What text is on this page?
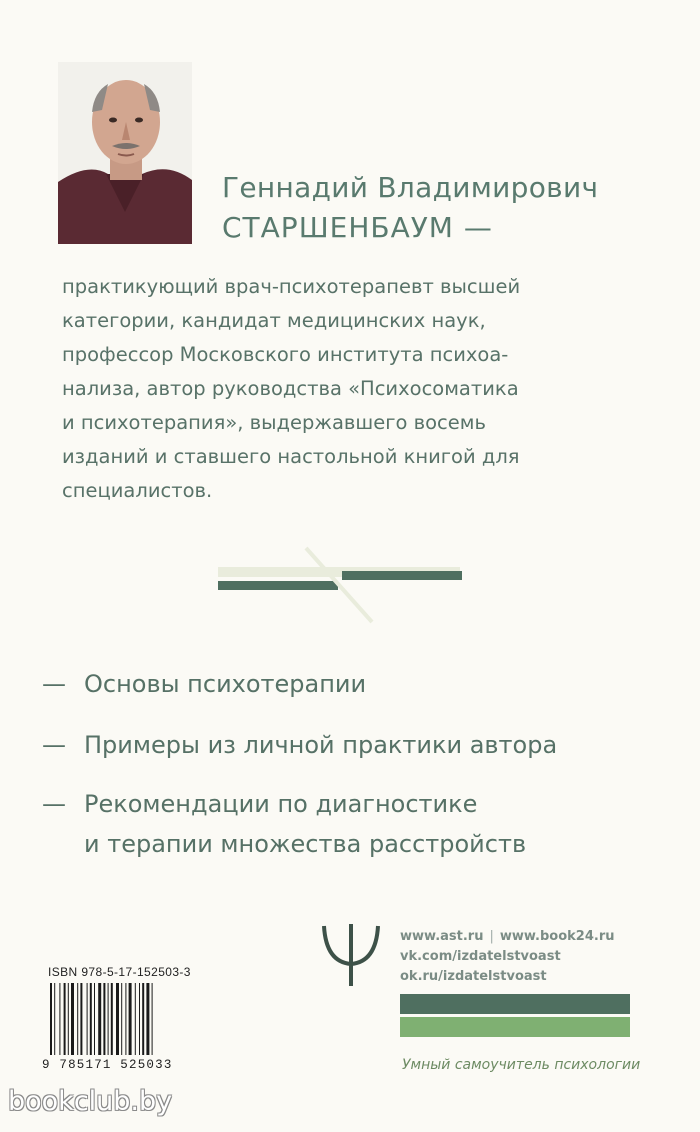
Геннадий Владимирович
СТАРШЕНБАУМ —
практикующий врач-психотерапевт высшей
категории, кандидат медицинских наук,
профессор Московского института психоа-
нализа, автор руководства «Психосоматика
и психотерапия», выдержавшего восемь
изданий и ставшего настольной книгой для
специалистов.
— Основы психотерапии
— Примеры из личной практики автора
— Рекомендации по диагностике
и терапии множества расстройств
www.ast.ru | www.book24.ru
vk.com/izdatelstvoast
ok.ru/izdatelstvoast
Умный самоучитель психологии
ISBN 978-5-17-152503-3
9 785171 525033
bookclub.by
